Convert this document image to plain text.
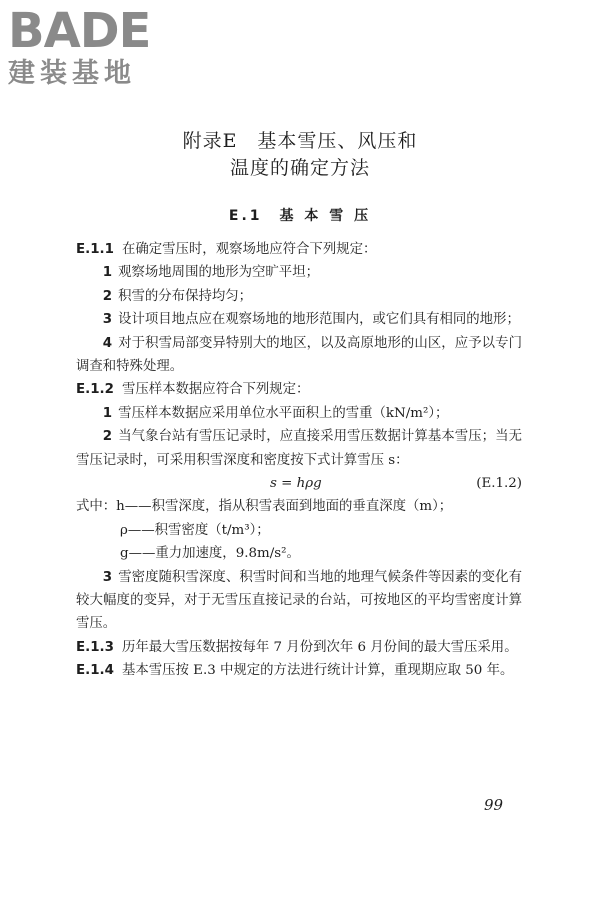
BADE
建装基地
附录E　基本雪压、风压和
温度的确定方法
E.1　基 本 雪 压

E.1.1 在确定雪压时，观察场地应符合下列规定：

1 观察场地周围的地形为空旷平坦；

2 积雪的分布保持均匀；

3 设计项目地点应在观察场地的地形范围内，或它们具有相同的地形；

4 对于积雪局部变异特别大的地区，以及高原地形的山区，应予以专门调查和特殊处理。

E.1.2 雪压样本数据应符合下列规定：

1 雪压样本数据应采用单位水平面积上的雪重（kN/m²）；

2 当气象台站有雪压记录时，应直接采用雪压数据计算基本雪压；当无雪压记录时，可采用积雪深度和密度按下式计算雪压 s：

s = hρg	(E.1.2)

式中：h——积雪深度，指从积雪表面到地面的垂直深度（m）；

ρ——积雪密度（t/m³）；

g——重力加速度，9.8m/s²。

3 雪密度随积雪深度、积雪时间和当地的地理气候条件等因素的变化有较大幅度的变异，对于无雪压直接记录的台站，可按地区的平均雪密度计算雪压。

E.1.3 历年最大雪压数据按每年 7 月份到次年 6 月份间的最大雪压采用。

E.1.4 基本雪压按 E.3 中规定的方法进行统计计算，重现期应取 50 年。

99
